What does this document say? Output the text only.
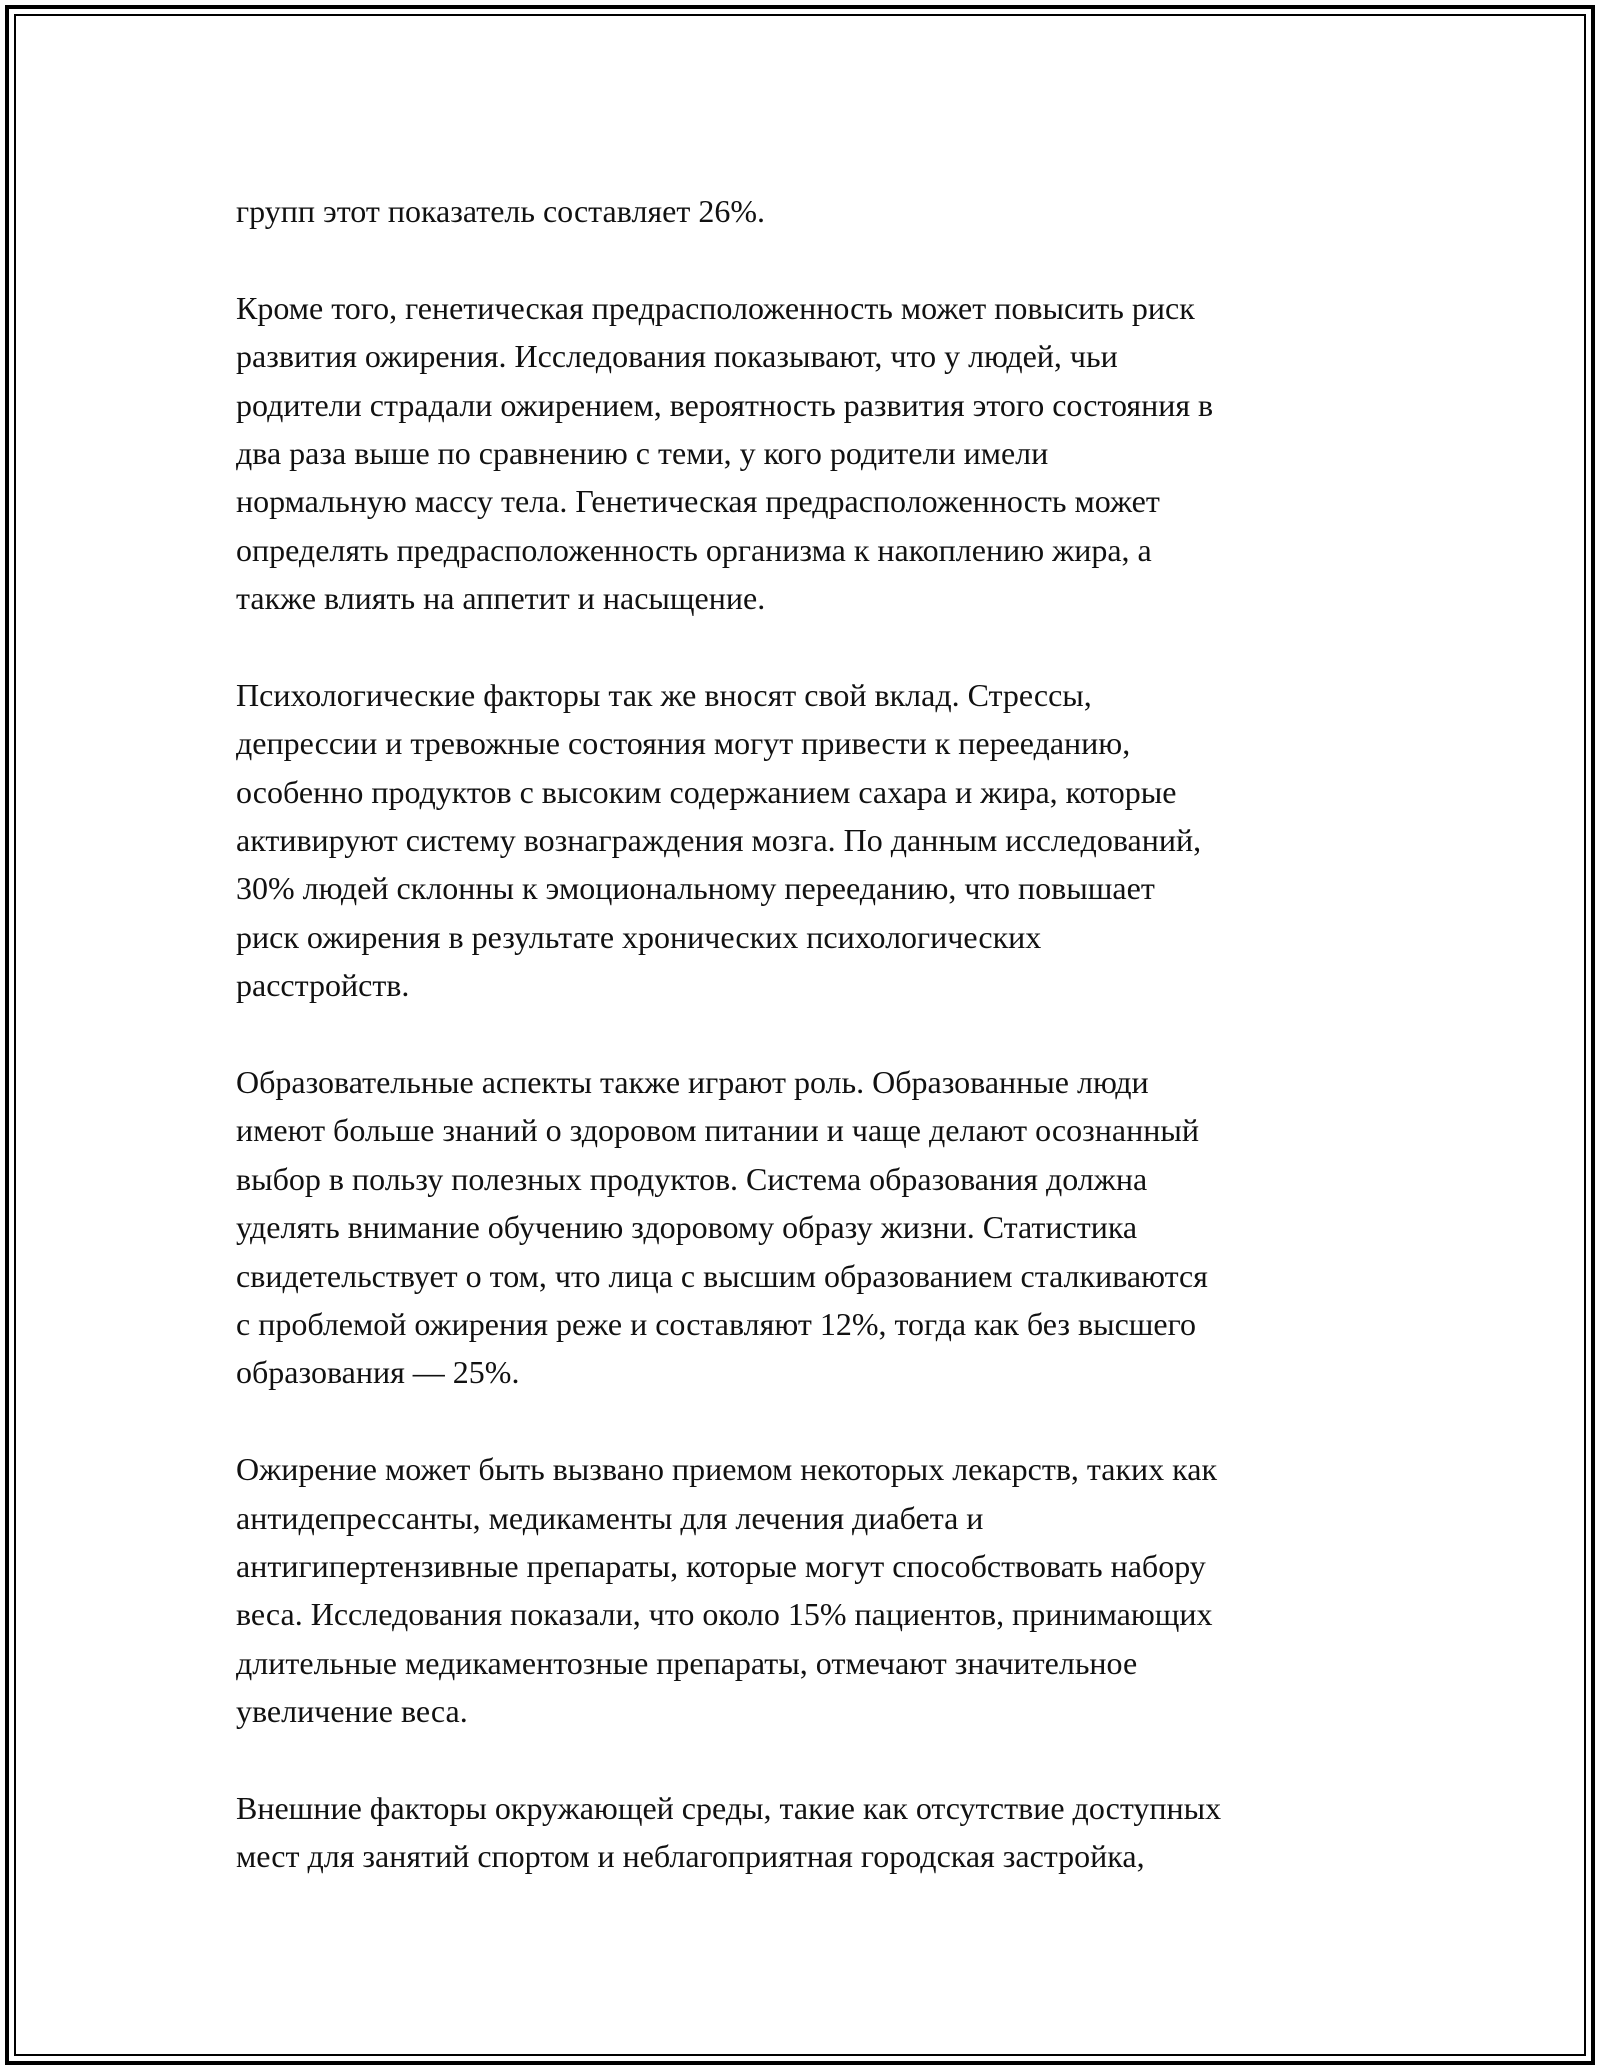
групп этот показатель составляет 26%.

Кроме того, генетическая предрасположенность может повысить риск
развития ожирения. Исследования показывают, что у людей, чьи
родители страдали ожирением, вероятность развития этого состояния в
два раза выше по сравнению с теми, у кого родители имели
нормальную массу тела. Генетическая предрасположенность может
определять предрасположенность организма к накоплению жира, а
также влиять на аппетит и насыщение.

Психологические факторы так же вносят свой вклад. Стрессы,
депрессии и тревожные состояния могут привести к перееданию,
особенно продуктов с высоким содержанием сахара и жира, которые
активируют систему вознаграждения мозга. По данным исследований,
30% людей склонны к эмоциональному перееданию, что повышает
риск ожирения в результате хронических психологических
расстройств.

Образовательные аспекты также играют роль. Образованные люди
имеют больше знаний о здоровом питании и чаще делают осознанный
выбор в пользу полезных продуктов. Система образования должна
уделять внимание обучению здоровому образу жизни. Статистика
свидетельствует о том, что лица с высшим образованием сталкиваются
с проблемой ожирения реже и составляют 12%, тогда как без высшего
образования — 25%.

Ожирение может быть вызвано приемом некоторых лекарств, таких как
антидепрессанты, медикаменты для лечения диабета и
антигипертензивные препараты, которые могут способствовать набору
веса. Исследования показали, что около 15% пациентов, принимающих
длительные медикаментозные препараты, отмечают значительное
увеличение веса.

Внешние факторы окружающей среды, такие как отсутствие доступных
мест для занятий спортом и неблагоприятная городская застройка,
